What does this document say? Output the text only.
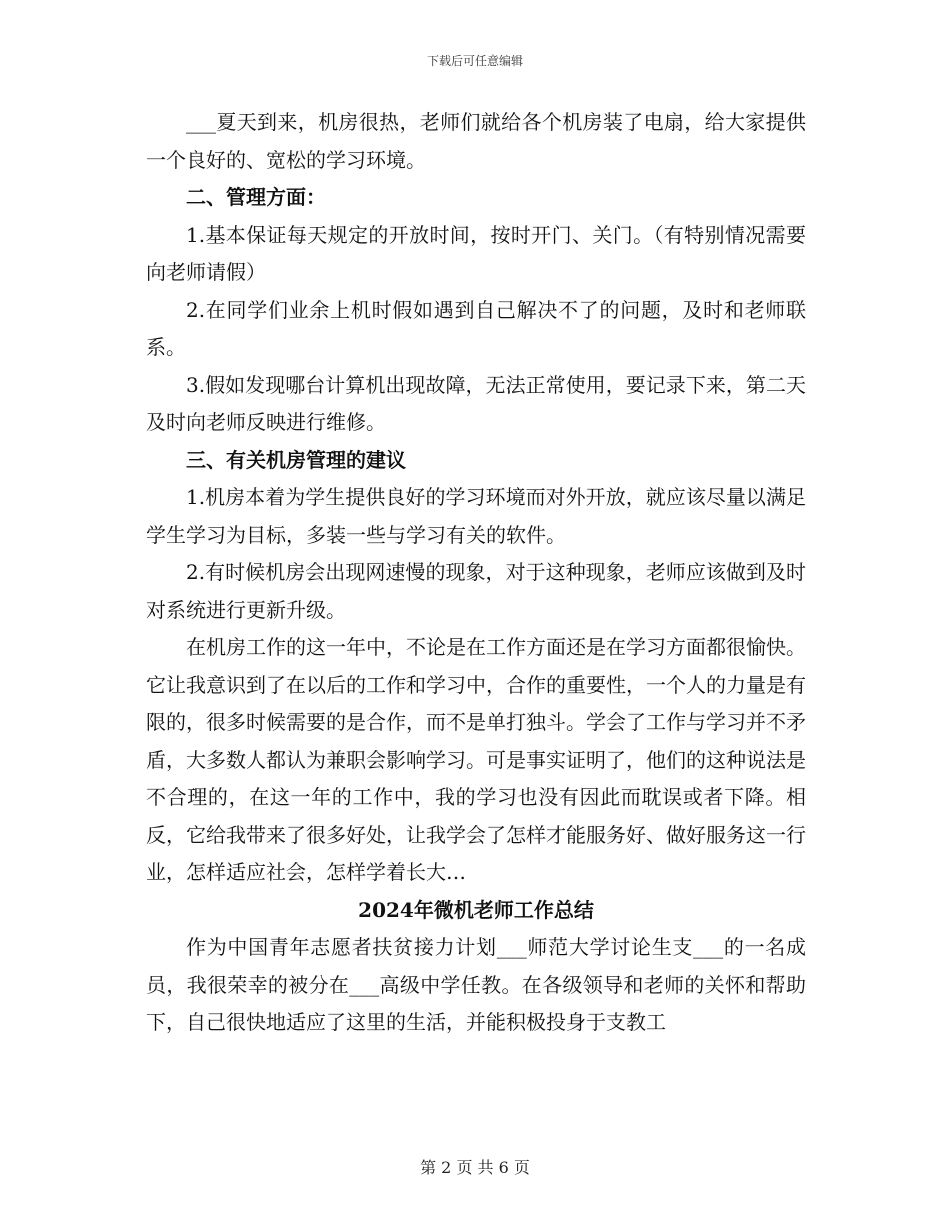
下载后可任意编辑

___夏天到来，机房很热，老师们就给各个机房装了电扇，给大家提供一个良好的、宽松的学习环境。

二、管理方面：

1.基本保证每天规定的开放时间，按时开门、关门。（有特别情况需要向老师请假）

2.在同学们业余上机时假如遇到自己解决不了的问题，及时和老师联系。

3.假如发现哪台计算机出现故障，无法正常使用，要记录下来，第二天及时向老师反映进行维修。

三、有关机房管理的建议

1.机房本着为学生提供良好的学习环境而对外开放，就应该尽量以满足学生学习为目标，多装一些与学习有关的软件。

2.有时候机房会出现网速慢的现象，对于这种现象，老师应该做到及时对系统进行更新升级。

在机房工作的这一年中，不论是在工作方面还是在学习方面都很愉快。它让我意识到了在以后的工作和学习中，合作的重要性，一个人的力量是有限的，很多时候需要的是合作，而不是单打独斗。学会了工作与学习并不矛盾，大多数人都认为兼职会影响学习。可是事实证明了，他们的这种说法是不合理的，在这一年的工作中，我的学习也没有因此而耽误或者下降。相反，它给我带来了很多好处，让我学会了怎样才能服务好、做好服务这一行业，怎样适应社会，怎样学着长大…

2024年微机老师工作总结

作为中国青年志愿者扶贫接力计划___师范大学讨论生支___的一名成员，我很荣幸的被分在___高级中学任教。在各级领导和老师的关怀和帮助下，自己很快地适应了这里的生活，并能积极投身于支教工

第 2 页 共 6 页
